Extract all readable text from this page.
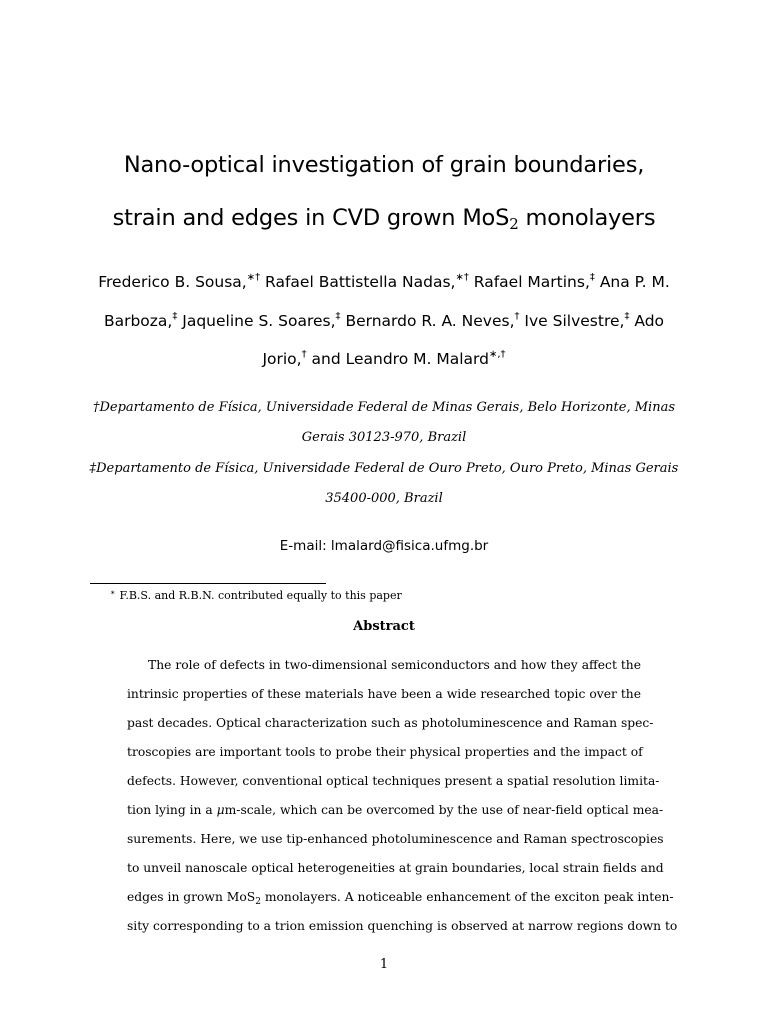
Nano-optical investigation of grain boundaries,
strain and edges in CVD grown MoS$_2$ monolayers
Frederico B. Sousa,∗† Rafael Battistella Nadas,∗† Rafael Martins,‡ Ana P. M.
Barboza,‡ Jaqueline S. Soares,‡ Bernardo R. A. Neves,† Ive Silvestre,‡ Ado
Jorio,† and Leandro M. Malard∗,†
†Departamento de Física, Universidade Federal de Minas Gerais, Belo Horizonte, Minas
Gerais 30123-970, Brazil
‡Departamento de Física, Universidade Federal de Ouro Preto, Ouro Preto, Minas Gerais
35400-000, Brazil
E-mail: lmalard@fisica.ufmg.br
∗ F.B.S. and R.B.N. contributed equally to this paper
Abstract
The role of defects in two-dimensional semiconductors and how they affect the
intrinsic properties of these materials have been a wide researched topic over the
past decades. Optical characterization such as photoluminescence and Raman spec-
troscopies are important tools to probe their physical properties and the impact of
defects. However, conventional optical techniques present a spatial resolution limita-
tion lying in a μm-scale, which can be overcomed by the use of near-field optical mea-
surements. Here, we use tip-enhanced photoluminescence and Raman spectroscopies
to unveil nanoscale optical heterogeneities at grain boundaries, local strain fields and
edges in grown MoS$_2$ monolayers. A noticeable enhancement of the exciton peak inten-
sity corresponding to a trion emission quenching is observed at narrow regions down to
1
